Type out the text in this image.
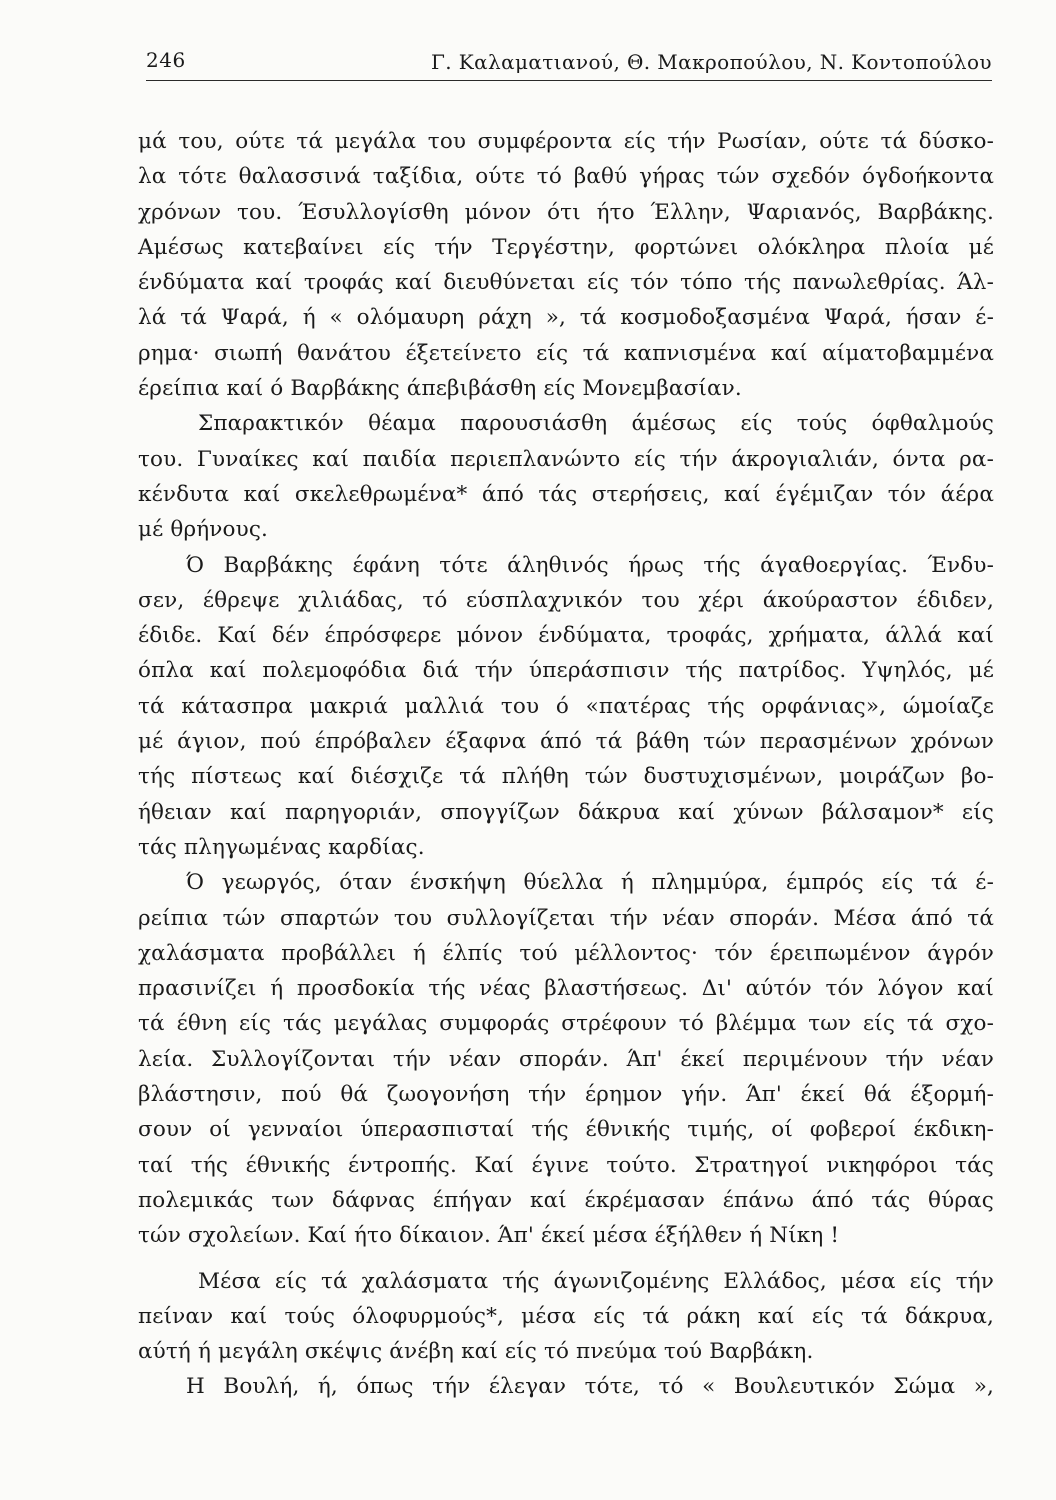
246	Γ. Καλαματιανού, Θ. Μακροπούλου, Ν. Κοντοπούλου
μά του, ούτε τά μεγάλα του συμφέροντα είς τήν Ρωσίαν, ούτε τά δύσκο-
λα τότε θαλασσινά ταξίδια, ούτε τό βαθύ γήρας τών σχεδόν όγδοήκοντα
χρόνων του. Έσυλλογίσθη μόνον ότι ήτο Έλλην, Ψαριανός, Βαρβάκης.
Αμέσως κατεβαίνει είς τήν Τεργέστην, φορτώνει ολόκληρα πλοία μέ
ένδύματα καί τροφάς καί διευθύνεται είς τόν τόπο τής πανωλεθρίας. Άλ-
λά τά Ψαρά, ή « ολόμαυρη ράχη », τά κοσμοδοξασμένα Ψαρά, ήσαν έ-
ρημα· σιωπή θανάτου έξετείνετο είς τά καπνισμένα καί αίματοβαμμένα
έρείπια καί ό Βαρβάκης άπεβιβάσθη είς Μονεμβασίαν.
Σπαρακτικόν θέαμα παρουσιάσθη άμέσως είς τούς όφθαλμούς
του. Γυναίκες καί παιδία περιεπλανώντο είς τήν άκρογιαλιάν, όντα ρα-
κένδυτα καί σκελεθρωμένα* άπό τάς στερήσεις, καί έγέμιζαν τόν άέρα
μέ θρήνους.
Ό Βαρβάκης έφάνη τότε άληθινός ήρως τής άγαθοεργίας. Ένδυ-
σεν, έθρεψε χιλιάδας, τό εύσπλαχνικόν του χέρι άκούραστον έδιδεν,
έδιδε. Καί δέν έπρόσφερε μόνον ένδύματα, τροφάς, χρήματα, άλλά καί
όπλα καί πολεμοφόδια διά τήν ύπεράσπισιν τής πατρίδος. Υψηλός, μέ
τά κάτασπρα μακριά μαλλιά του ό «πατέρας τής ορφάνιας», ώμοίαζε
μέ άγιον, πού έπρόβαλεν έξαφνα άπό τά βάθη τών περασμένων χρόνων
τής πίστεως καί διέσχιζε τά πλήθη τών δυστυχισμένων, μοιράζων βο-
ήθειαν καί παρηγοριάν, σπογγίζων δάκρυα καί χύνων βάλσαμον* είς
τάς πληγωμένας καρδίας.
Ό γεωργός, όταν ένσκήψη θύελλα ή πλημμύρα, έμπρός είς τά έ-
ρείπια τών σπαρτών του συλλογίζεται τήν νέαν σποράν. Μέσα άπό τά
χαλάσματα προβάλλει ή έλπίς τού μέλλοντος· τόν έρειπωμένον άγρόν
πρασινίζει ή προσδοκία τής νέας βλαστήσεως. Δι' αύτόν τόν λόγον καί
τά έθνη είς τάς μεγάλας συμφοράς στρέφουν τό βλέμμα των είς τά σχο-
λεία. Συλλογίζονται τήν νέαν σποράν. Άπ' έκεί περιμένουν τήν νέαν
βλάστησιν, πού θά ζωογονήση τήν έρημον γήν. Άπ' έκεί θά έξορμή-
σουν οί γενναίοι ύπερασπισταί τής έθνικής τιμής, οί φοβεροί έκδικη-
ταί τής έθνικής έντροπής. Καί έγινε τούτο. Στρατηγοί νικηφόροι τάς
πολεμικάς των δάφνας έπήγαν καί έκρέμασαν έπάνω άπό τάς θύρας
τών σχολείων. Καί ήτο δίκαιον. Άπ' έκεί μέσα έξήλθεν ή Νίκη !
Μέσα είς τά χαλάσματα τής άγωνιζομένης Ελλάδος, μέσα είς τήν
πείναν καί τούς όλοφυρμούς*, μέσα είς τά ράκη καί είς τά δάκρυα,
αύτή ή μεγάλη σκέψις άνέβη καί είς τό πνεύμα τού Βαρβάκη.
Η Βουλή, ή, όπως τήν έλεγαν τότε, τό « Βουλευτικόν Σώμα »,
